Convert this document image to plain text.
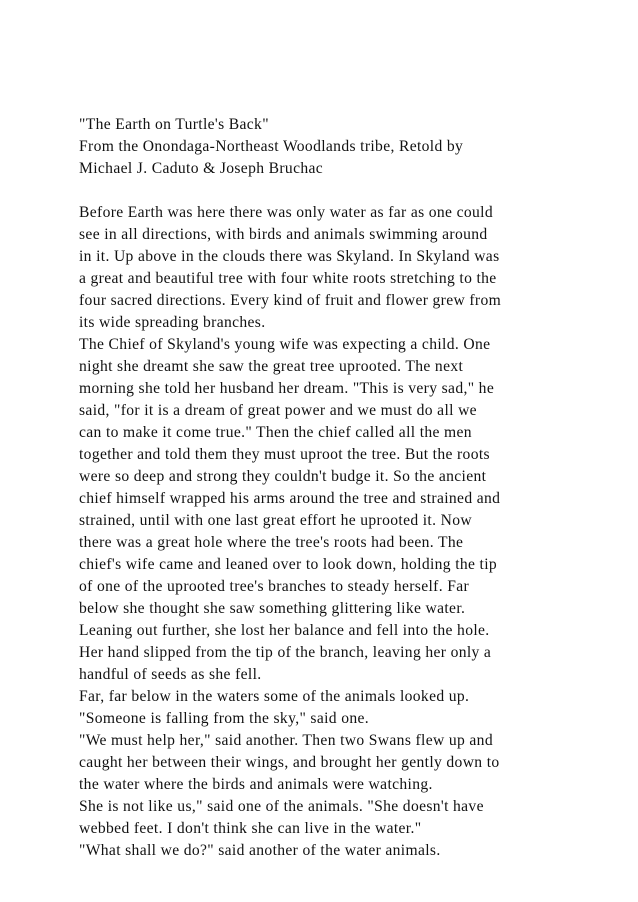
"The Earth on Turtle's Back"
From the Onondaga-Northeast Woodlands tribe, Retold by
Michael J. Caduto & Joseph Bruchac
Before Earth was here there was only water as far as one could
see in all directions, with birds and animals swimming around
in it. Up above in the clouds there was Skyland. In Skyland was
a great and beautiful tree with four white roots stretching to the
four sacred directions. Every kind of fruit and flower grew from
its wide spreading branches.
The Chief of Skyland's young wife was expecting a child. One
night she dreamt she saw the great tree uprooted. The next
morning she told her husband her dream. "This is very sad," he
said, "for it is a dream of great power and we must do all we
can to make it come true." Then the chief called all the men
together and told them they must uproot the tree. But the roots
were so deep and strong they couldn't budge it. So the ancient
chief himself wrapped his arms around the tree and strained and
strained, until with one last great effort he uprooted it. Now
there was a great hole where the tree's roots had been. The
chief's wife came and leaned over to look down, holding the tip
of one of the uprooted tree's branches to steady herself. Far
below she thought she saw something glittering like water.
Leaning out further, she lost her balance and fell into the hole.
Her hand slipped from the tip of the branch, leaving her only a
handful of seeds as she fell.
Far, far below in the waters some of the animals looked up.
"Someone is falling from the sky," said one.
"We must help her," said another. Then two Swans flew up and
caught her between their wings, and brought her gently down to
the water where the birds and animals were watching.
She is not like us," said one of the animals. "She doesn't have
webbed feet. I don't think she can live in the water."
"What shall we do?" said another of the water animals.
